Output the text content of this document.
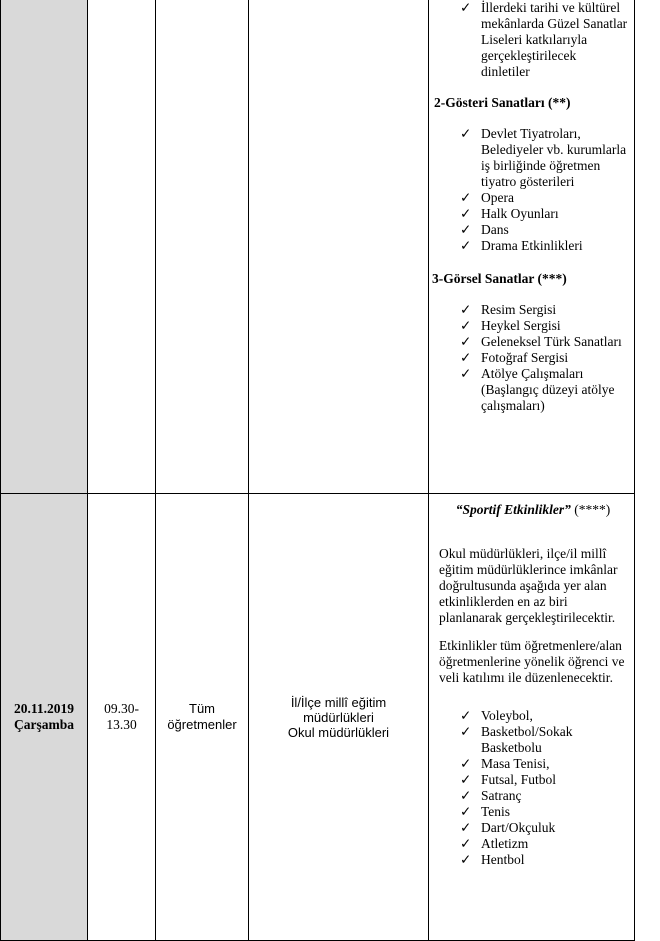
✓ İllerdeki tarihi ve kültürel mekânlarda Güzel Sanatlar Liseleri katkılarıyla gerçekleştirilecek dinletiler
2-Gösteri Sanatları (**)
✓ Devlet Tiyatroları, Belediyeler vb. kurumlarla iş birliğinde öğretmen tiyatro gösterileri
✓ Opera
✓ Halk Oyunları
✓ Dans
✓ Drama Etkinlikleri
3-Görsel Sanatlar (***)
✓ Resim Sergisi
✓ Heykel Sergisi
✓ Geleneksel Türk Sanatları
✓ Fotoğraf Sergisi
✓ Atölye Çalışmaları (Başlangıç düzeyi atölye çalışmaları)
20.11.2019
Çarşamba
09.30-
13.30
Tüm
öğretmenler
İl/İlçe millî eğitim
müdürlükleri
Okul müdürlükleri
“Sportif Etkinlikler” (****)
Okul müdürlükleri, ilçe/il millî eğitim müdürlüklerince imkânlar doğrultusunda aşağıda yer alan etkinliklerden en az biri planlanarak gerçekleştirilecektir.
Etkinlikler tüm öğretmenlere/alan öğretmenlerine yönelik öğrenci ve veli katılımı ile düzenlenecektir.
✓ Voleybol,
✓ Basketbol/Sokak Basketbolu
✓ Masa Tenisi,
✓ Futsal, Futbol
✓ Satranç
✓ Tenis
✓ Dart/Okçuluk
✓ Atletizm
✓ Hentbol
